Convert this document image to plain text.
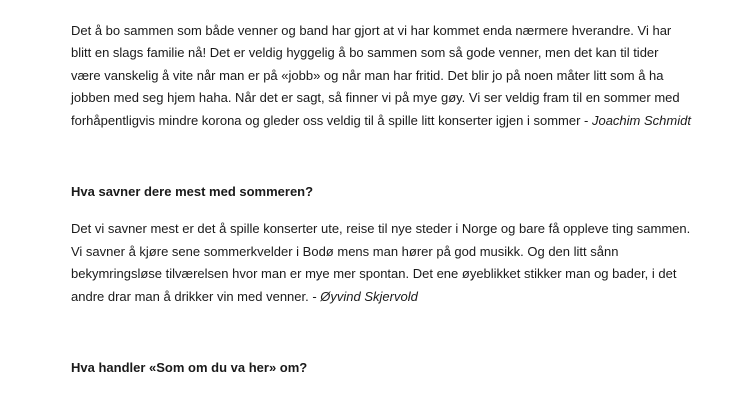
Det å bo sammen som både venner og band har gjort at vi har kommet enda nærmere hverandre. Vi har blitt en slags familie nå! Det er veldig hyggelig å bo sammen som så gode venner, men det kan til tider være vanskelig å vite når man er på «jobb» og når man har fritid. Det blir jo på noen måter litt som å ha jobben med seg hjem haha. Når det er sagt, så finner vi på mye gøy. Vi ser veldig fram til en sommer med forhåpentligvis mindre korona og gleder oss veldig til å spille litt konserter igjen i sommer - Joachim Schmidt

Hva savner dere mest med sommeren?

Det vi savner mest er det å spille konserter ute, reise til nye steder i Norge og bare få oppleve ting sammen. Vi savner å kjøre sene sommerkvelder i Bodø mens man hører på god musikk. Og den litt sånn bekymringsløse tilværelsen hvor man er mye mer spontan. Det ene øyeblikket stikker man og bader, i det andre drar man å drikker vin med venner. - Øyvind Skjervold

Hva handler «Som om du va her» om?
